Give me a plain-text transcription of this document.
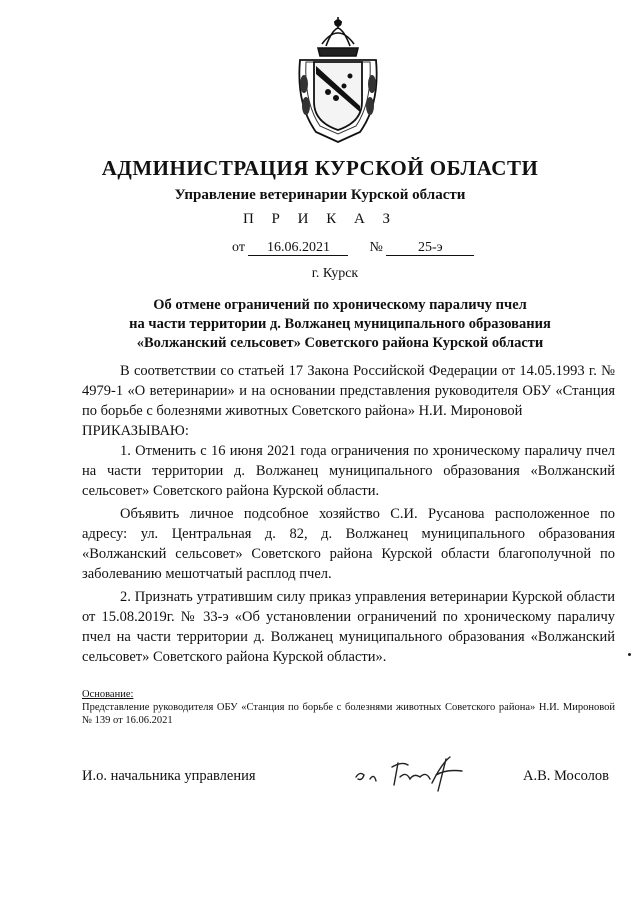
АДМИНИСТРАЦИЯ КУРСКОЙ ОБЛАСТИ
Управление ветеринарии Курской области
П Р И К А З
от 16.06.2021	№	25-э
г. Курск
Об отмене ограничений по хроническому параличу пчел
на части территории д. Волжанец муниципального образования
«Волжанский сельсовет» Советского района Курской области

В соответствии со статьей 17 Закона Российской Федерации от 14.05.1993 г. № 4979-1 «О ветеринарии» и на основании представления руководителя ОБУ «Станция по борьбе с болезнями животных Советского района» Н.И. Мироновой

ПРИКАЗЫВАЮ:

1. Отменить с 16 июня 2021 года ограничения по хроническому параличу пчел на части территории д. Волжанец муниципального образования «Волжанский сельсовет» Советского района Курской области.

Объявить личное подсобное хозяйство С.И. Русанова расположенное по адресу: ул. Центральная д. 82, д. Волжанец муниципального образования «Волжанский сельсовет» Советского района Курской области благополучной по заболеванию мешотчатый расплод пчел.

2. Признать утратившим силу приказ управления ветеринарии Курской области от 15.08.2019г. № 33-э «Об установлении ограничений по хроническому параличу пчел на части территории д. Волжанец муниципального образования «Волжанский сельсовет» Советского района Курской области».

Основание:

Представление руководителя ОБУ «Станция по борьбе с болезнями животных Советского района» Н.И. Мироновой № 139 от 16.06.2021

И.о. начальника управления	А.В. Мосолов
